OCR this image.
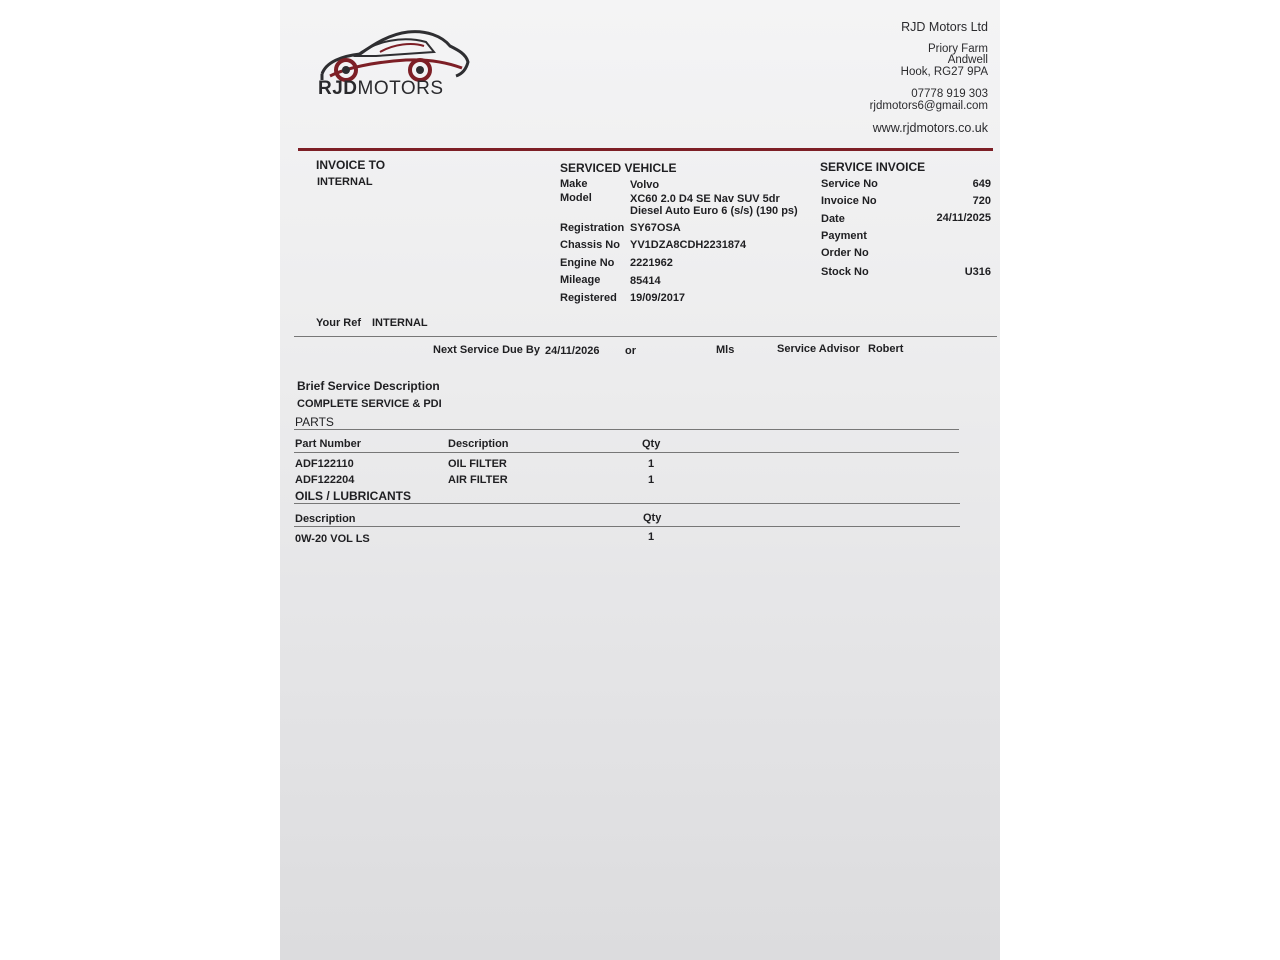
RJDMOTORS
RJD Motors Ltd
Priory Farm
Andwell
Hook, RG27 9PA
07778 919 303
rjdmotors6@gmail.com
www.rjdmotors.co.uk
INVOICE TO
INTERNAL
SERVICED VEHICLE
Make	Volvo
Model	XC60 2.0 D4 SE Nav SUV 5dr
Diesel Auto Euro 6 (s/s) (190 ps)
Registration SY67OSA
Chassis No YV1DZA8CDH2231874
Engine No 2221962
Mileage	85414
Registered 19/09/2017
SERVICE INVOICE
Service No	649
Invoice No	720
Date	24/11/2025
Payment
Order No
Stock No	U316
Your Ref INTERNAL
Next Service Due By 24/11/2026 or	Mls	Service Advisor Robert
Brief Service Description
COMPLETE SERVICE & PDI
PARTS
Part Number	Description	Qty
ADF122110	OIL FILTER	1
ADF122204	AIR FILTER	1
OILS / LUBRICANTS
Description	Qty
0W-20 VOL LS	1
